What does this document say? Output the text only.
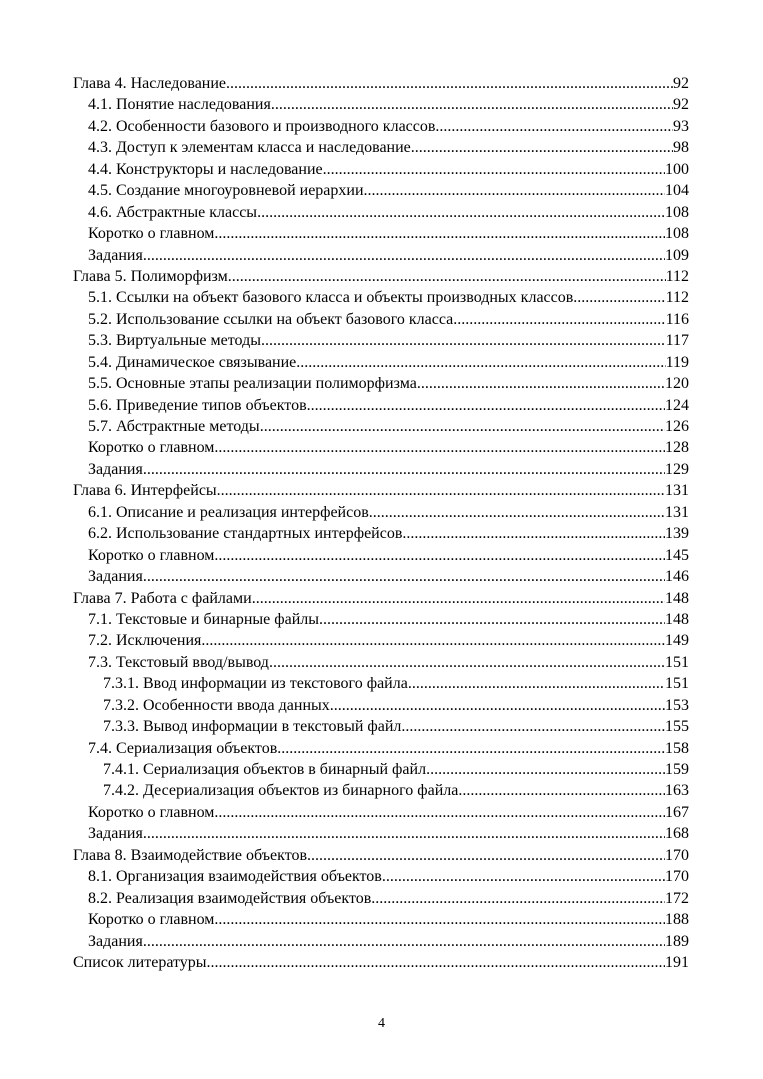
Глава 4. Наследование .....	92
4.1. Понятие наследования .....	92
4.2. Особенности базового и производного классов .....	93
4.3. Доступ к элементам класса и наследование .....	98
4.4. Конструкторы и наследование .....	100
4.5. Создание многоуровневой иерархии .....	104
4.6. Абстрактные классы .....	108
Коротко о главном .....	108
Задания .....	109
Глава 5. Полиморфизм .....	112
5.1. Ссылки на объект базового класса и объекты производных классов .....	112
5.2. Использование ссылки на объект базового класса .....	116
5.3. Виртуальные методы .....	117
5.4. Динамическое связывание .....	119
5.5. Основные этапы реализации полиморфизма .....	120
5.6. Приведение типов объектов .....	124
5.7. Абстрактные методы .....	126
Коротко о главном .....	128
Задания .....	129
Глава 6. Интерфейсы .....	131
6.1. Описание и реализация интерфейсов .....	131
6.2. Использование стандартных интерфейсов .....	139
Коротко о главном .....	145
Задания .....	146
Глава 7. Работа с файлами .....	148
7.1. Текстовые и бинарные файлы .....	148
7.2. Исключения .....	149
7.3. Текстовый ввод/вывод .....	151
7.3.1. Ввод информации из текстового файла .....	151
7.3.2. Особенности ввода данных .....	153
7.3.3. Вывод информации в текстовый файл .....	155
7.4. Сериализация объектов .....	158
7.4.1. Сериализация объектов в бинарный файл .....	159
7.4.2. Десериализация объектов из бинарного файла .....	163
Коротко о главном .....	167
Задания .....	168
Глава 8. Взаимодействие объектов .....	170
8.1. Организация взаимодействия объектов .....	170
8.2. Реализация взаимодействия объектов .....	172
Коротко о главном .....	188
Задания .....	189
Список литературы .....	191
4
